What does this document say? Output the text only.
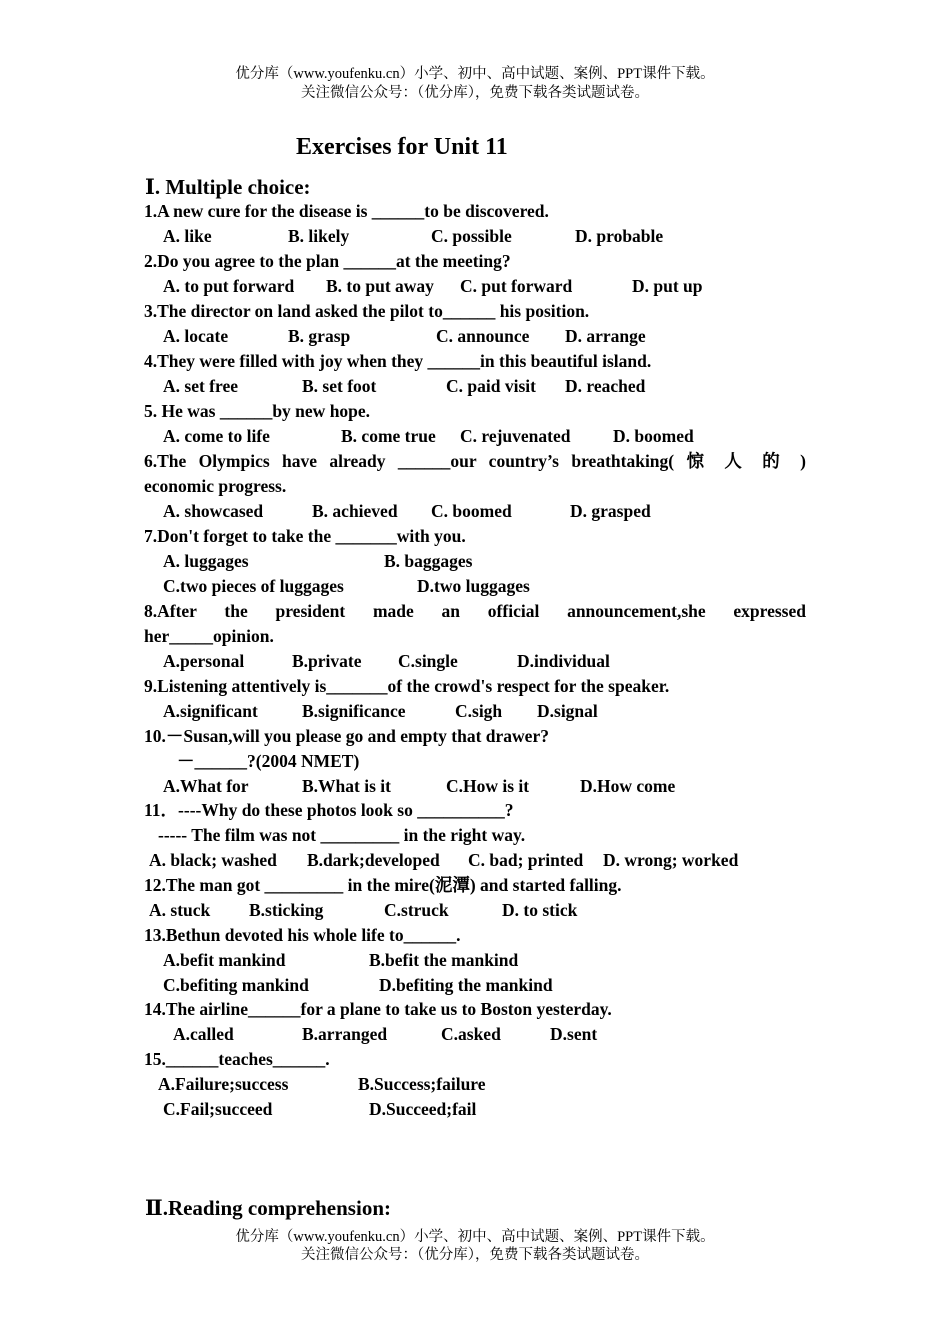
优分库（www.youfenku.cn）小学、初中、高中试题、案例、PPT课件下载。
关注微信公众号：（优分库），免费下载各类试题试卷。
Exercises for Unit 11
Ⅰ. Multiple choice:
1.A new cure for the disease is ______to be discovered.
A. like	B. likely	C. possible	D. probable
2.Do you agree to the plan ______at the meeting?
A. to put forward B. to put away C. put forward	D. put up
3.The director on land asked the pilot to______ his position.
A. locate	B. grasp	C. announce D. arrange
4.They were filled with joy when they ______in this beautiful island.
A. set free	B. set foot	C. paid visit D. reached
5. He was ______by new hope.
A. come to life	B. come true C. rejuvenated D. boomed
6.The Olympics have already ______our country’s breathtaking( 惊 人 的 )
economic progress.
A. showcased	B. achieved C. boomed	D. grasped
7.Don't forget to take the _______with you.
A. luggages	B. baggages
C.two pieces of luggages	D.two luggages
8.After the president made an official announcement,she expressed
her_____opinion.
A.personal	B.private C.single	D.individual
9.Listening attentively is_______of the crowd's respect for the speaker.
A.significant	B.significance	C.sigh D.signal
10.－Susan,will you please go and empty that drawer?
－______?(2004 NMET)
A.What for	B.What is it	C.How is it	D.How come
11．----Why do these photos look so __________?
----- The film was not _________ in the right way.
A. black; washed B.dark;developed C. bad; printed D. wrong; worked
12.The man got _________ in the mire(泥潭) and started falling.
A. stuck B.sticking	C.struck	D. to stick
13.Bethun devoted his whole life to______.
A.befit mankind	B.befit the mankind
C.befiting mankind	D.befiting the mankind
14.The airline______for a plane to take us to Boston yesterday.
A.called	B.arranged	C.asked	D.sent
15.______teaches______.
A.Failure;success	B.Success;failure
C.Fail;succeed	D.Succeed;fail
Ⅱ.Reading comprehension:
优分库（www.youfenku.cn）小学、初中、高中试题、案例、PPT课件下载。
关注微信公众号：（优分库），免费下载各类试题试卷。
